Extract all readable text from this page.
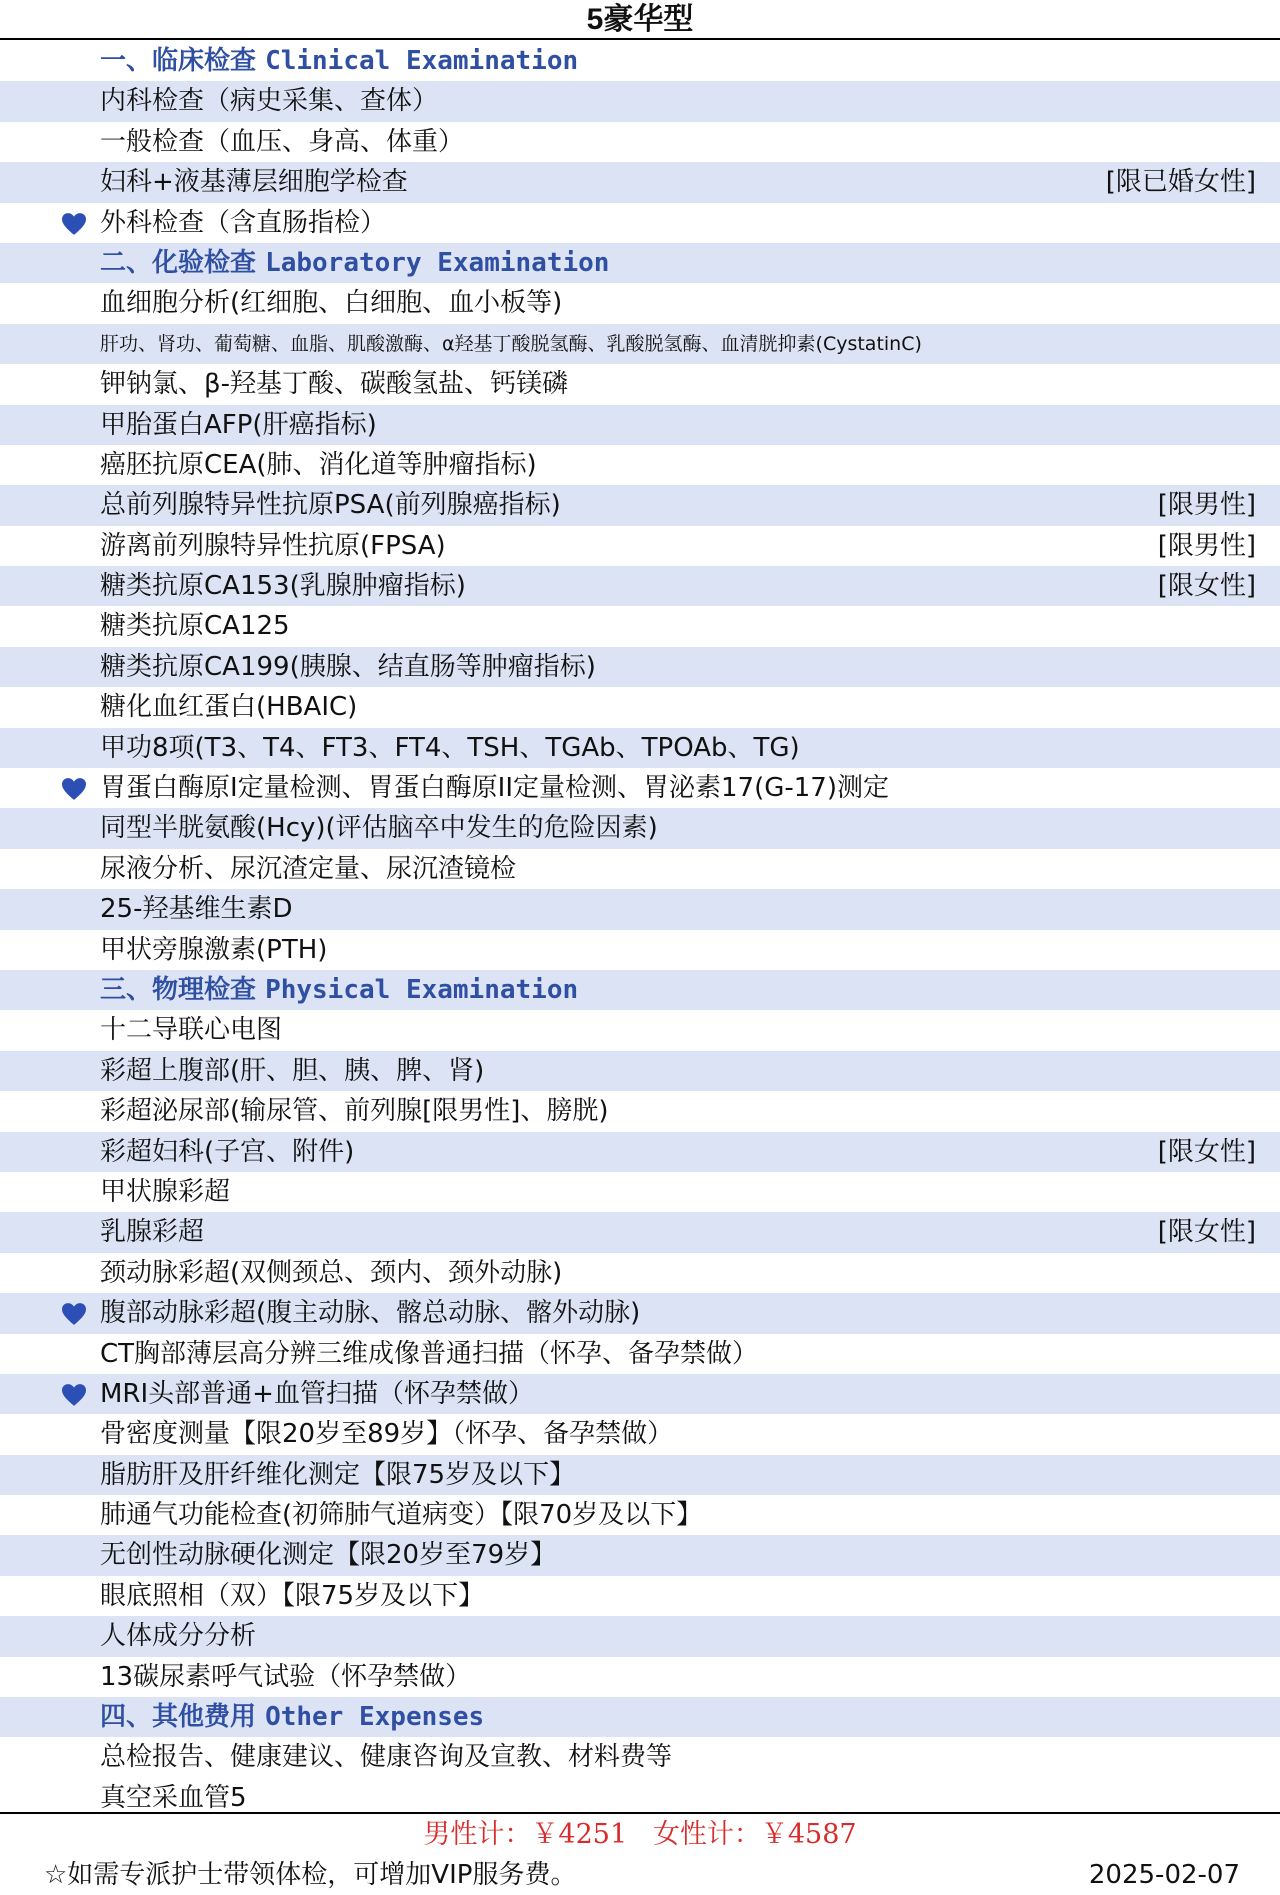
5豪华型
一、临床检查 Clinical Examination
内科检查（病史采集、查体）
一般检查（血压、身高、体重）
妇科+液基薄层细胞学检查	[限已婚女性]
外科检查（含直肠指检）
二、化验检查 Laboratory Examination
血细胞分析(红细胞、白细胞、血小板等)
肝功、肾功、葡萄糖、血脂、肌酸激酶、α羟基丁酸脱氢酶、乳酸脱氢酶、血清胱抑素(CystatinC)
钾钠氯、β-羟基丁酸、碳酸氢盐、钙镁磷
甲胎蛋白AFP(肝癌指标)
癌胚抗原CEA(肺、消化道等肿瘤指标)
总前列腺特异性抗原PSA(前列腺癌指标)	[限男性]
游离前列腺特异性抗原(FPSA)	[限男性]
糖类抗原CA153(乳腺肿瘤指标)	[限女性]
糖类抗原CA125
糖类抗原CA199(胰腺、结直肠等肿瘤指标)
糖化血红蛋白(HBAIC)
甲功8项(T3、T4、FT3、FT4、TSH、TGAb、TPOAb、TG)
胃蛋白酶原I定量检测、胃蛋白酶原II定量检测、胃泌素17(G-17)测定
同型半胱氨酸(Hcy)(评估脑卒中发生的危险因素)
尿液分析、尿沉渣定量、尿沉渣镜检
25-羟基维生素D
甲状旁腺激素(PTH)
三、物理检查 Physical Examination
十二导联心电图
彩超上腹部(肝、胆、胰、脾、肾)
彩超泌尿部(输尿管、前列腺[限男性]、膀胱)
彩超妇科(子宫、附件)	[限女性]
甲状腺彩超
乳腺彩超	[限女性]
颈动脉彩超(双侧颈总、颈内、颈外动脉)
腹部动脉彩超(腹主动脉、髂总动脉、髂外动脉)
CT胸部薄层高分辨三维成像普通扫描（怀孕、备孕禁做）
MRI头部普通+血管扫描（怀孕禁做）
骨密度测量【限20岁至89岁】（怀孕、备孕禁做）
脂肪肝及肝纤维化测定【限75岁及以下】
肺通气功能检查(初筛肺气道病变）【限70岁及以下】
无创性动脉硬化测定【限20岁至79岁】
眼底照相（双）【限75岁及以下】
人体成分分析
13碳尿素呼气试验（怀孕禁做）
四、其他费用 Other Expenses
总检报告、健康建议、健康咨询及宣教、材料费等
真空采血管5
男性计：￥4251   女性计：￥4587
☆如需专派护士带领体检，可增加VIP服务费。	2025-02-07
